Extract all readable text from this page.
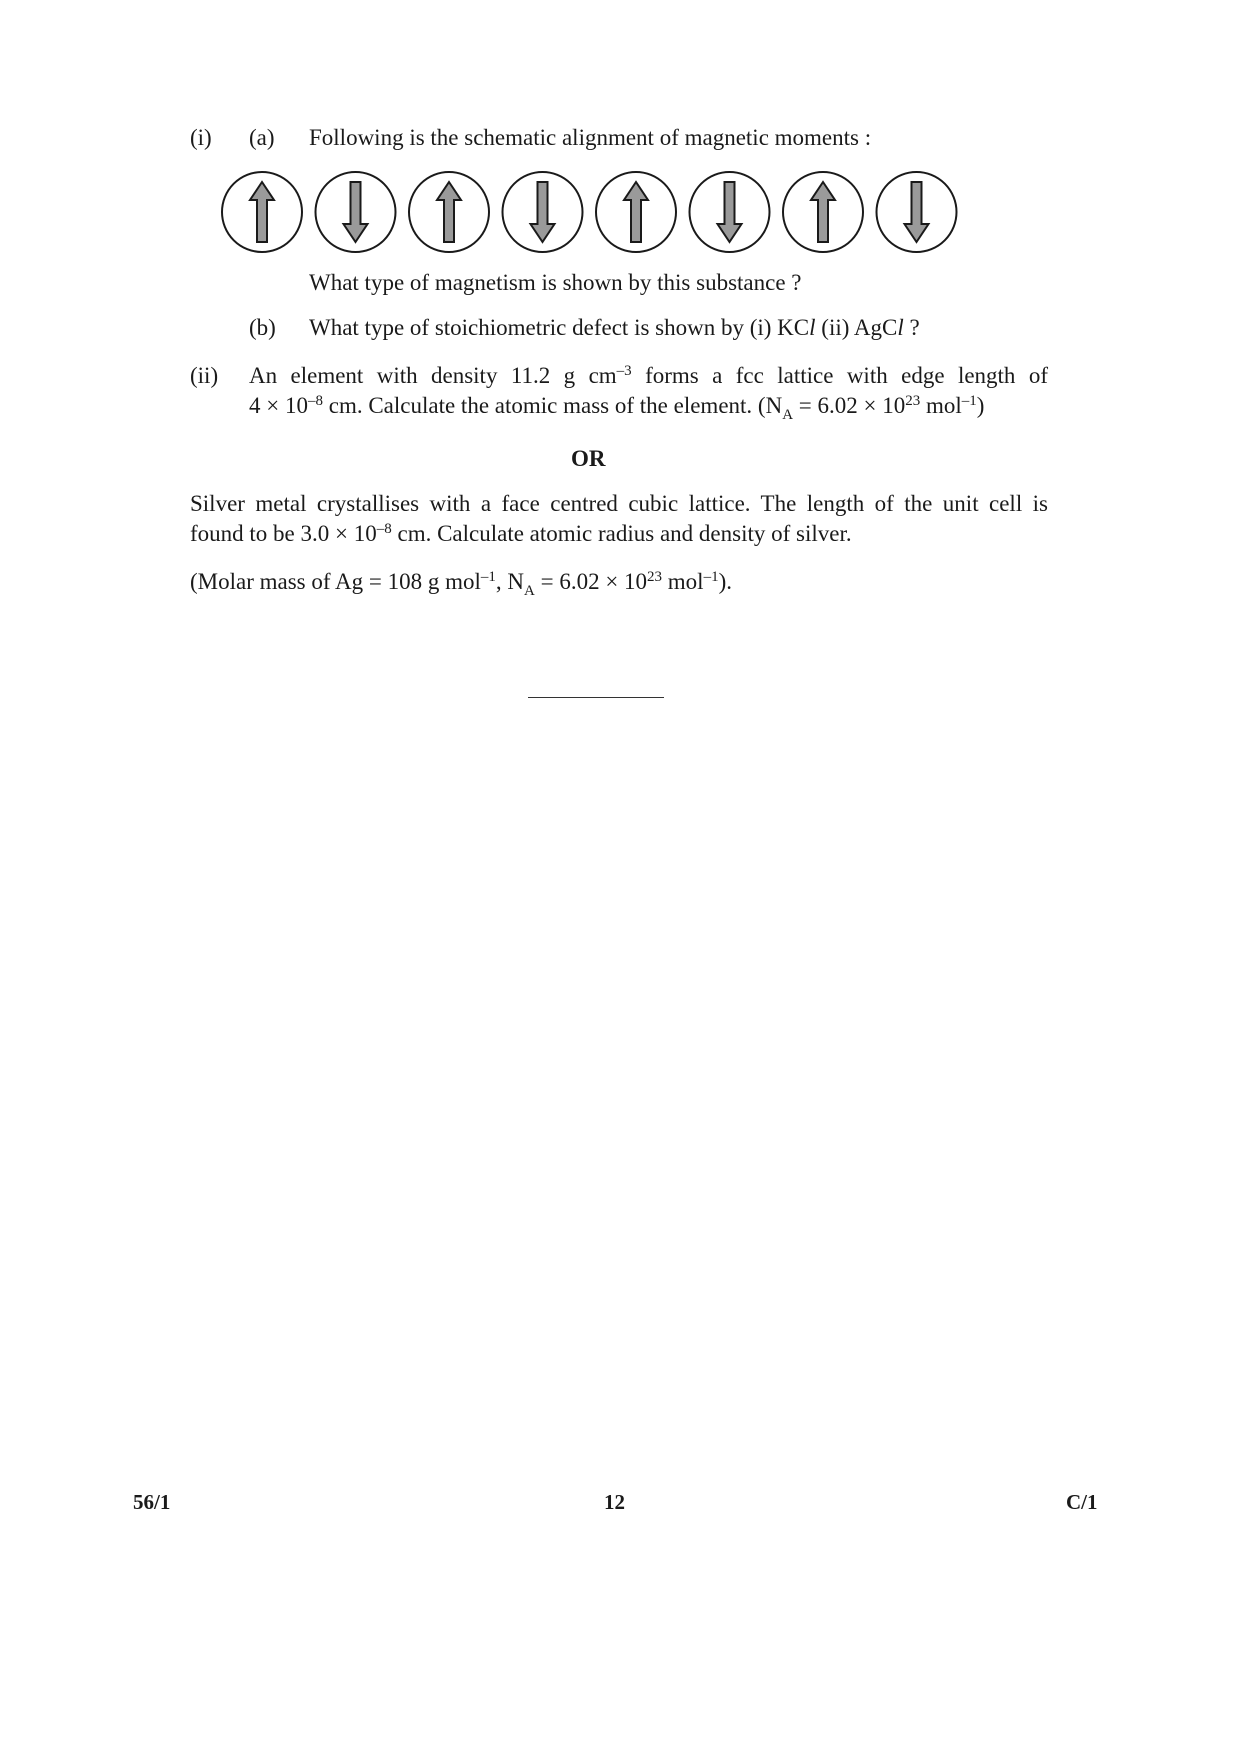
(i) (a) Following is the schematic alignment of magnetic moments :
What type of magnetism is shown by this substance ?
(b) What type of stoichiometric defect is shown by (i) KCl (ii) AgCl ?
(ii) An element with density 11.2 g $cm^{-3}$ forms a fcc lattice with edge length of
$4 \times 10^{-8}$ cm. Calculate the atomic mass of the element. ($N_A = 6.02 \times 10^{23}$ mol$^{-1}$)
OR
Silver metal crystallises with a face centred cubic lattice. The length of the unit cell is
found to be $3.0 \times 10^{-8}$ cm. Calculate atomic radius and density of silver.
(Molar mass of Ag = 108 g mol$^{-1}$, $N_A = 6.02 \times 10^{23}$ mol$^{-1}$).
56/1	12	C/1
